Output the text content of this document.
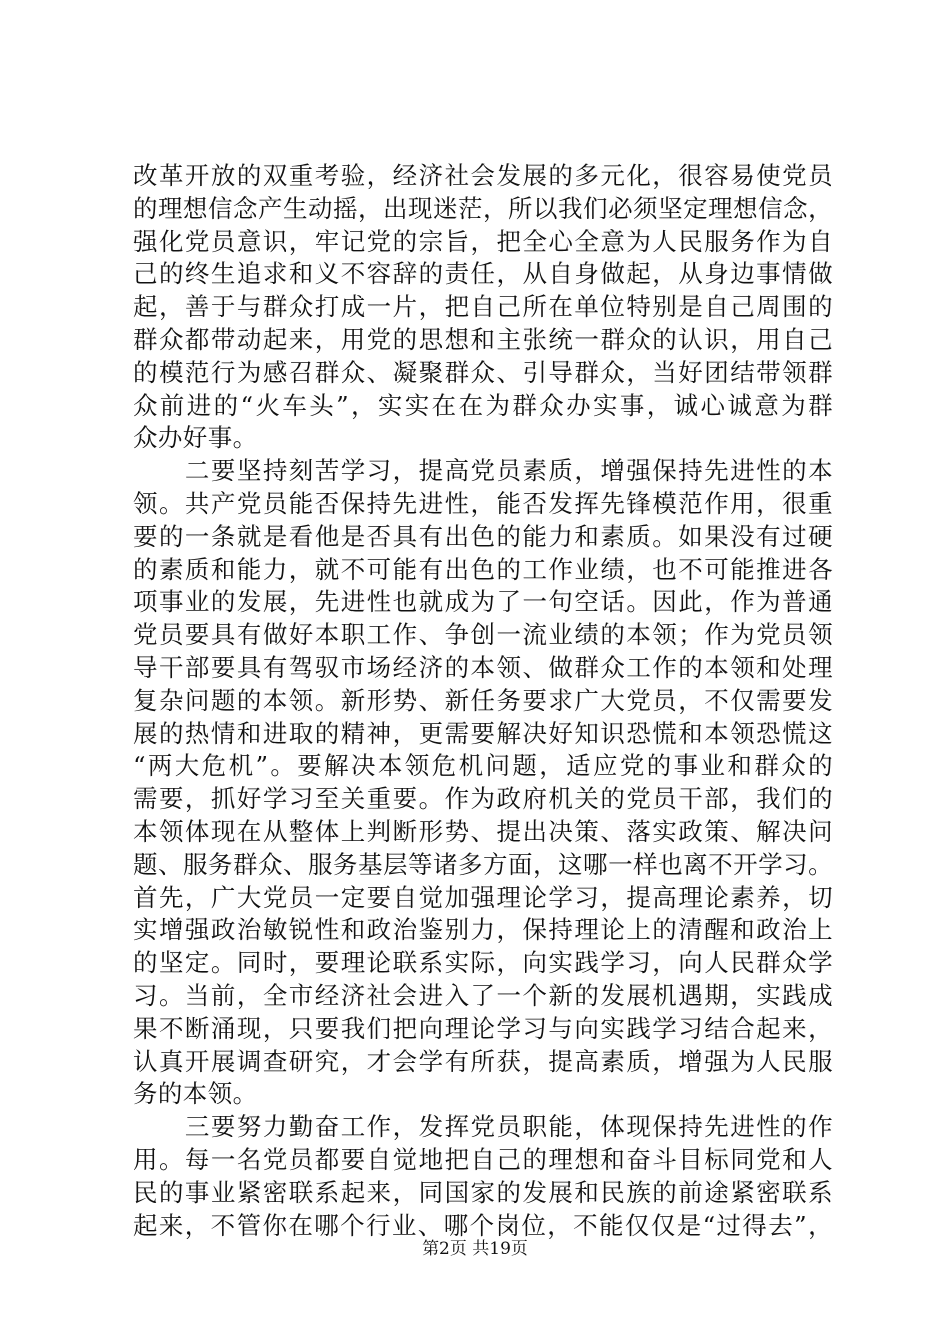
改革开放的双重考验，经济社会发展的多元化，很容易使党员
的理想信念产生动摇，出现迷茫，所以我们必须坚定理想信念，
强化党员意识，牢记党的宗旨，把全心全意为人民服务作为自
己的终生追求和义不容辞的责任，从自身做起，从身边事情做
起，善于与群众打成一片，把自己所在单位特别是自己周围的
群众都带动起来，用党的思想和主张统一群众的认识，用自己
的模范行为感召群众、凝聚群众、引导群众，当好团结带领群
众前进的“火车头”，实实在在为群众办实事，诚心诚意为群
众办好事。
　　二要坚持刻苦学习，提高党员素质，增强保持先进性的本
领。共产党员能否保持先进性，能否发挥先锋模范作用，很重
要的一条就是看他是否具有出色的能力和素质。如果没有过硬
的素质和能力，就不可能有出色的工作业绩，也不可能推进各
项事业的发展，先进性也就成为了一句空话。因此，作为普通
党员要具有做好本职工作、争创一流业绩的本领；作为党员领
导干部要具有驾驭市场经济的本领、做群众工作的本领和处理
复杂问题的本领。新形势、新任务要求广大党员，不仅需要发
展的热情和进取的精神，更需要解决好知识恐慌和本领恐慌这
“两大危机”。要解决本领危机问题，适应党的事业和群众的
需要，抓好学习至关重要。作为政府机关的党员干部，我们的
本领体现在从整体上判断形势、提出决策、落实政策、解决问
题、服务群众、服务基层等诸多方面，这哪一样也离不开学习。
首先，广大党员一定要自觉加强理论学习，提高理论素养，切
实增强政治敏锐性和政治鉴别力，保持理论上的清醒和政治上
的坚定。同时，要理论联系实际，向实践学习，向人民群众学
习。当前，全市经济社会进入了一个新的发展机遇期，实践成
果不断涌现，只要我们把向理论学习与向实践学习结合起来，
认真开展调查研究，才会学有所获，提高素质，增强为人民服
务的本领。
　　三要努力勤奋工作，发挥党员职能，体现保持先进性的作
用。每一名党员都要自觉地把自己的理想和奋斗目标同党和人
民的事业紧密联系起来，同国家的发展和民族的前途紧密联系
起来，不管你在哪个行业、哪个岗位，不能仅仅是“过得去”，
第2页 共19页
